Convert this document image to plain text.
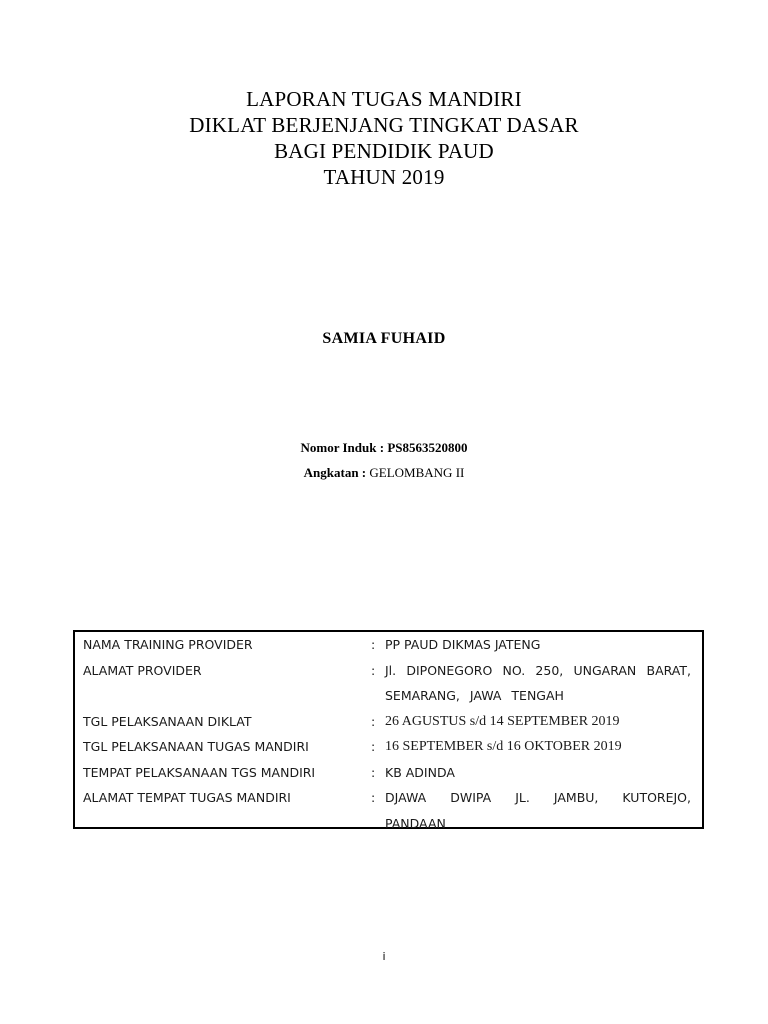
LAPORAN TUGAS MANDIRI
DIKLAT BERJENJANG TINGKAT DASAR
BAGI PENDIDIK PAUD
TAHUN 2019
SAMIA FUHAID
Nomor Induk : PS8563520800
Angkatan : GELOMBANG II
NAMA TRAINING PROVIDER	: PP PAUD DIKMAS JATENG
ALAMAT PROVIDER	: Jl. DIPONEGORO NO. 250, UNGARAN BARAT, SEMARANG, JAWA TENGAH
TGL PELAKSANAAN DIKLAT	: 26 AGUSTUS s/d 14 SEPTEMBER 2019
TGL PELAKSANAAN TUGAS MANDIRI	: 16 SEPTEMBER s/d 16 OKTOBER 2019
TEMPAT PELAKSANAAN TGS MANDIRI	: KB ADINDA
ALAMAT TEMPAT TUGAS MANDIRI	: DJAWA DWIPA JL. JAMBU, KUTOREJO, PANDAAN
i
